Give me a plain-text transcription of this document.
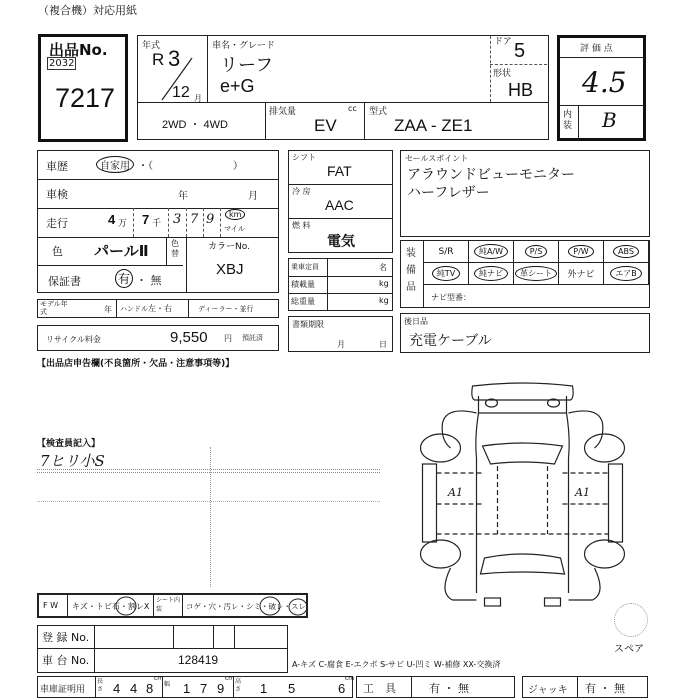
（複合機）対応用紙
出品No.
2032
7217
年式
R 3
12 月
車名・グレード
リーフ
e+G
ドア 5
形状
HB
2WD ・ 4WD
排気量	cc
EV
型式
ZAA - ZE1
評 価 点
4.5
内装 B
車歴	自家用 ・（　　　　　　　　）
車検	年	月
走行	4 万 7 千 3 7 9	km
マイル
色 パールⅡ	色替
カラーNo.
XBJ
保証書	有 ・ 無
モデル年式	年 ハンドル 左・右	ディーラー・並行
リサイクル料金	9,550 円 預託済
シフト
FAT
冷 房
AAC
燃 料
電気
乗車定員	名
積載量	kg
総重量	kg
書類期限
月	日
セールスポイント
アラウンドビューモニター
ハーフレザー
装備品
S/R	純A/W	P/S	P/W	ABS
純TV	純ナビ	革シート	外ナビ	エアB
ナビ型番：
後日品
充電ケーブル
【出品店申告欄(不良箇所・欠品・注意事項等)】
【検査員記入】
7ヒリ小S
A1	A1
スペア
F W キズ・トビ石・割レX
シート内装	コゲ・穴・汚レ・シミ・破レ・スレ
登 録 No.
車 台 No.	128419	A-キズ C-腐食 E-エクボ S-サビ U-凹ミ W-補修 XX-交換済
車庫証明用
長さ 4 4 8
cm
幅 1 7 9
cm 高さ 1 5	6
cm
工　具	有 ・ 無	ジャッキ 有 ・ 無
